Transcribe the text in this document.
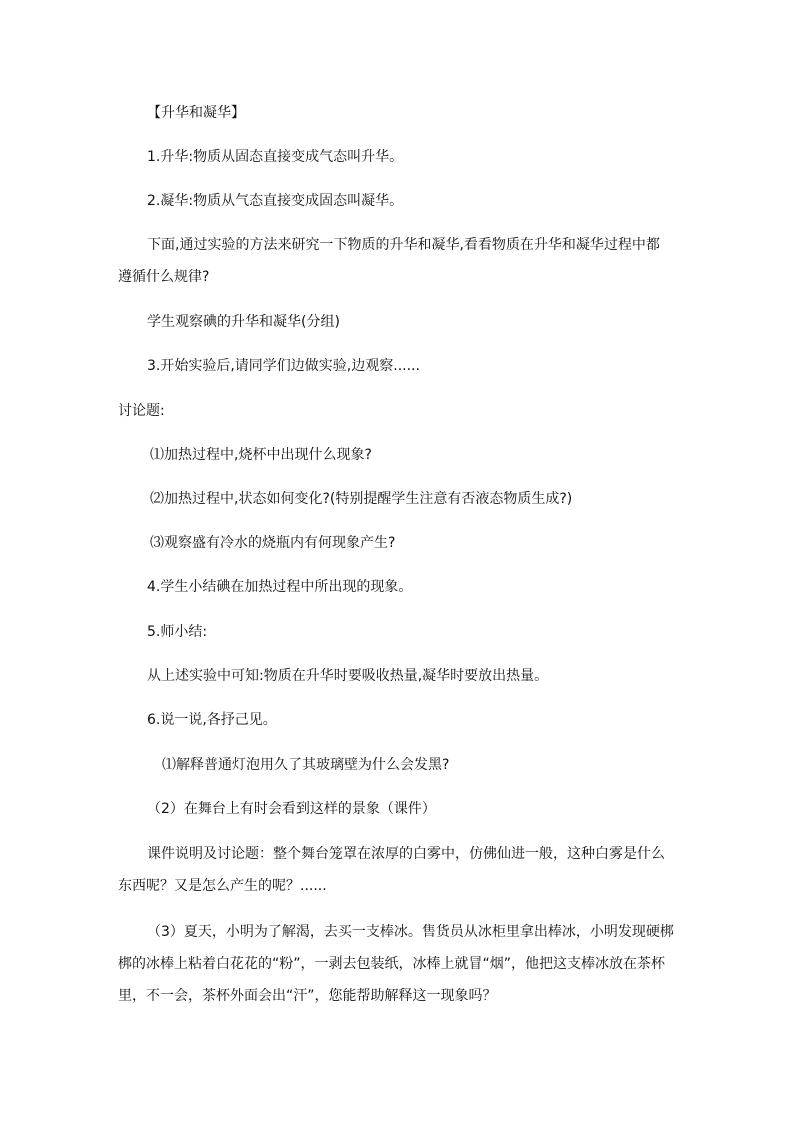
【升华和凝华】
1.升华:物质从固态直接变成气态叫升华。
2.凝华:物质从气态直接变成固态叫凝华。
下面,通过实验的方法来研究一下物质的升华和凝华,看看物质在升华和凝华过程中都
遵循什么规律?
学生观察碘的升华和凝华(分组)
3.开始实验后,请同学们边做实验,边观察......
讨论题:
⑴加热过程中,烧杯中出现什么现象?
⑵加热过程中,状态如何变化?(特别提醒学生注意有否液态物质生成?)
⑶观察盛有冷水的烧瓶内有何现象产生?
4.学生小结碘在加热过程中所出现的现象。
5.师小结:
从上述实验中可知:物质在升华时要吸收热量,凝华时要放出热量。
6.说一说,各抒己见。
⑴解释普通灯泡用久了其玻璃壁为什么会发黑?
（2）在舞台上有时会看到这样的景象（课件）
课件说明及讨论题：整个舞台笼罩在浓厚的白雾中，仿佛仙进一般，这种白雾是什么
东西呢？又是怎么产生的呢？......
（3）夏天，小明为了解渴，去买一支棒冰。售货员从冰柜里拿出棒冰，小明发现硬梆
梆的冰棒上粘着白花花的“粉”，一剥去包装纸，冰棒上就冒“烟”，他把这支棒冰放在茶杯
里，不一会，茶杯外面会出“汗”，您能帮助解释这一现象吗？
